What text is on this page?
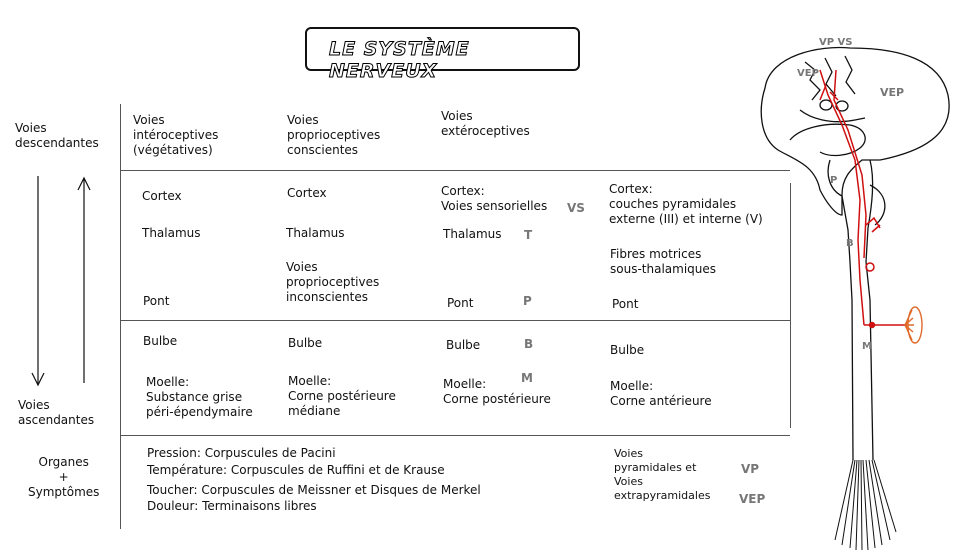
LE SYSTÈME NERVEUX
Voies
descendantes
Voies
ascendantes
Organes
+
Symptômes
Voies
intéroceptives
(végétatives)
Voies
proprioceptives
conscientes
Voies
extéroceptives
Cortex
Thalamus
Pont
Cortex
Thalamus
Voies
proprioceptives
inconscientes
Cortex:
Voies sensorielles VS
Thalamus T
Pont	P
Cortex:
couches pyramidales
externe (III) et interne (V)
Fibres motrices
sous-thalamiques
Pont
Bulbe
Moelle:
Substance grise
péri-épendymaire
Bulbe
Moelle:
Corne postérieure
médiane
Bulbe	B
M
Moelle:
Corne postérieure
Bulbe
Moelle:
Corne antérieure
Pression: Corpuscules de Pacini
Température: Corpuscules de Ruffini et de Krause
Toucher: Corpuscules de Meissner et Disques de Merkel
Douleur: Terminaisons libres
Voies
pyramidales et
Voies
extrapyramidales
VP
VEP
VP VS
VEP
VEP
P
B
M
